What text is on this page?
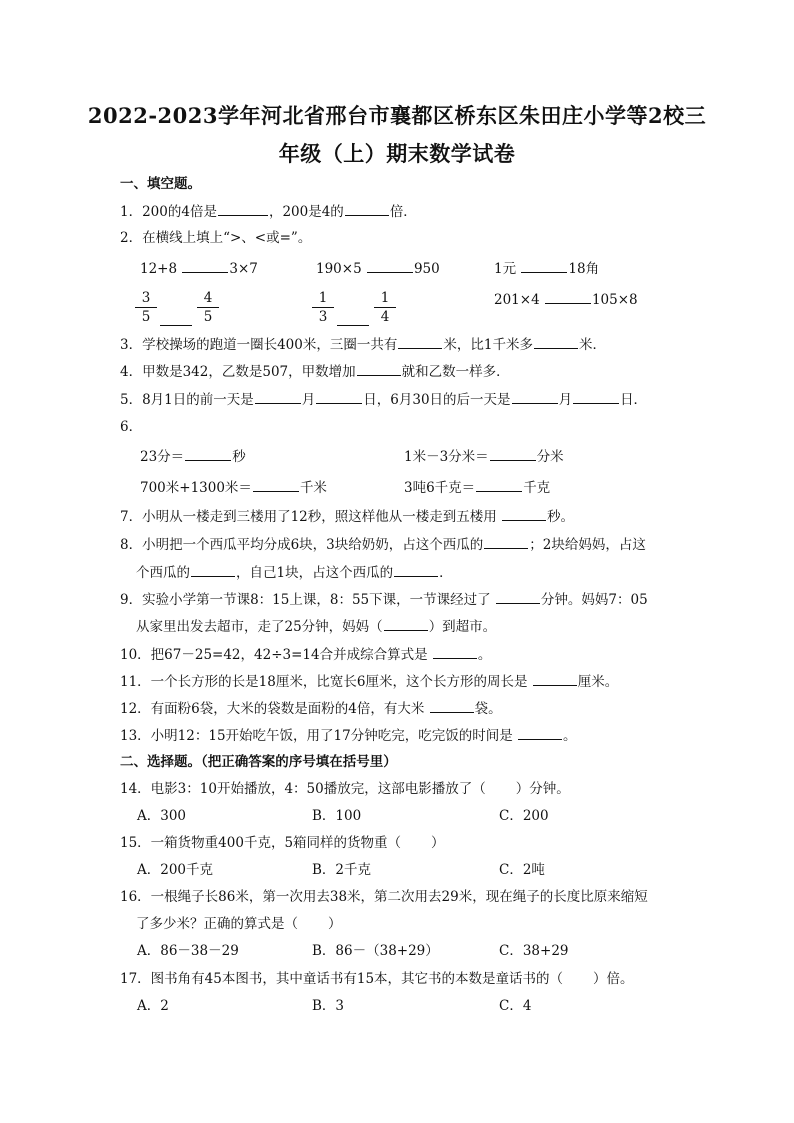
2022-2023学年河北省邢台市襄都区桥东区朱田庄小学等2校三
年级（上）期末数学试卷
一、填空题。
1．200的4倍是	，200是4的	倍．
2．在横线上填上“>、<或=”。
12+8	3×7	190×5	950	1元	18角
$\frac{3}{5}$	$\frac{4}{5}$	$\frac{1}{3}$	$\frac{1}{4}$	201×4	105×8
3．学校操场的跑道一圈长400米，三圈一共有	米，比1千米多	米．
4．甲数是342，乙数是507，甲数增加	就和乙数一样多．
5．8月1日的前一天是	月	日，6月30日的后一天是	月	日．
6．
23分＝	秒	1米－3分米＝	分米
700米+1300米＝	千米	3吨6千克＝	千克
7．小明从一楼走到三楼用了12秒，照这样他从一楼走到五楼用	秒。
8．小明把一个西瓜平均分成6块，3块给奶奶，占这个西瓜的	；2块给妈妈，占这
个西瓜的	，自己1块，占这个西瓜的	．
9．实验小学第一节课8：15上课，8：55下课，一节课经过了	分钟。妈妈7：05
从家里出发去超市，走了25分钟，妈妈（	）到超市。
10．把67－25=42，42÷3=14合并成综合算式是	。
11．一个长方形的长是18厘米，比宽长6厘米，这个长方形的周长是	厘米。
12．有面粉6袋，大米的袋数是面粉的4倍，有大米	袋。
13．小明12：15开始吃午饭，用了17分钟吃完，吃完饭的时间是	。
二、选择题。（把正确答案的序号填在括号里）
14．电影3：10开始播放，4：50播放完，这部电影播放了（ ）分钟。
A．300	B．100	C．200
15．一箱货物重400千克，5箱同样的货物重（ ）
A．200千克	B．2千克	C．2吨
16．一根绳子长86米，第一次用去38米，第二次用去29米，现在绳子的长度比原来缩短
了多少米？正确的算式是（ ）
A．86－38－29	B．86－（38+29）	C．38+29
17．图书角有45本图书，其中童话书有15本，其它书的本数是童话书的（ ）倍。
A．2	B．3	C．4
